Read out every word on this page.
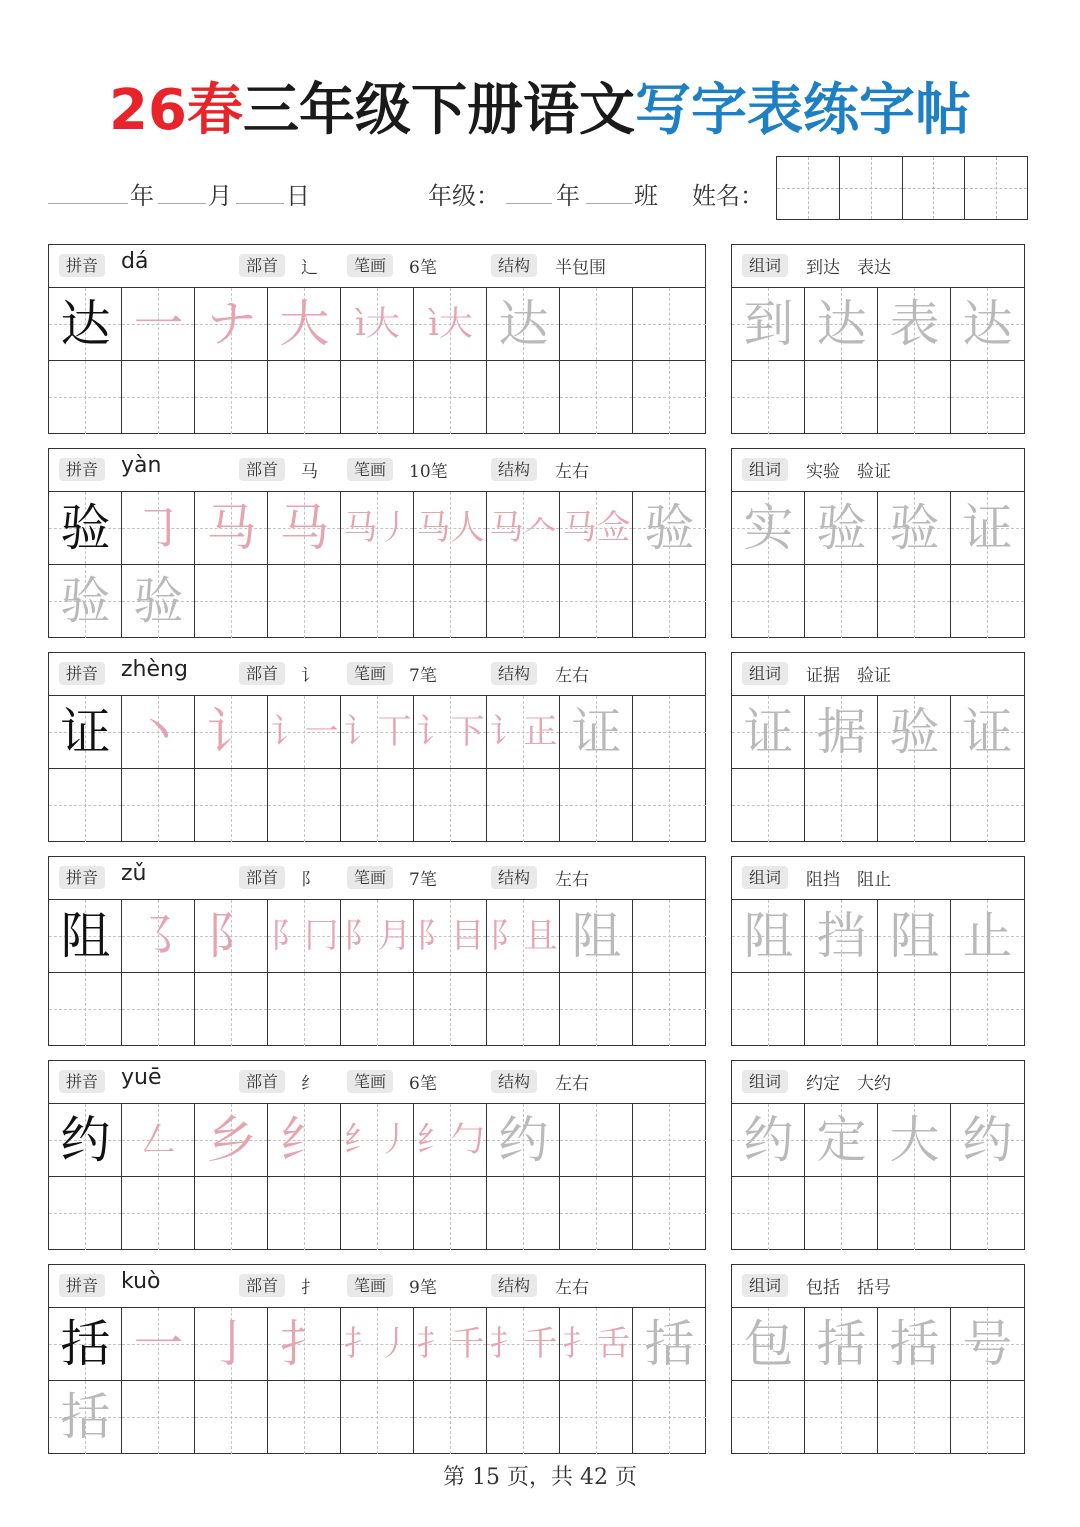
26春三年级下册语文写字表练字帖
年 月 日	年级： 年 班 姓名：
拼音	dá	部首	辶	笔画	6笔	结构	半包围
达 一 ナ 大 ì大 ì大 达
组词	到达　表达
到 达 表 达
拼音	yàn	部首	马	笔画	10笔	结构	左右
验 ㇆ 马 马 马丿 马人 马𠆢 马佥 验
验 验
组词	实验　验证
实 验 验 证
拼音	zhèng	部首	讠	笔画	7笔	结构	左右
证 丶 讠 讠一 讠丅 讠下 讠正 证
组词	证据　验证
证 据 验 证
拼音	zǔ	部首	阝	笔画	7笔	结构	左右
阻 ㇌ 阝 阝冂 阝月 阝目 阝且 阻
组词	阻挡　阻止
阻 挡 阻 止
拼音	yuē	部首	纟	笔画	6笔	结构	左右
约 𠃋 乡 纟 纟丿 纟勹 约
组词	约定　大约
约 定 大 约
拼音	kuò	部首	扌	笔画	9笔	结构	左右
括 一 亅 扌 扌丿 扌千 扌千 扌舌 括
括
组词	包括　括号
包 括 括 号
第 15 页，共 42 页
